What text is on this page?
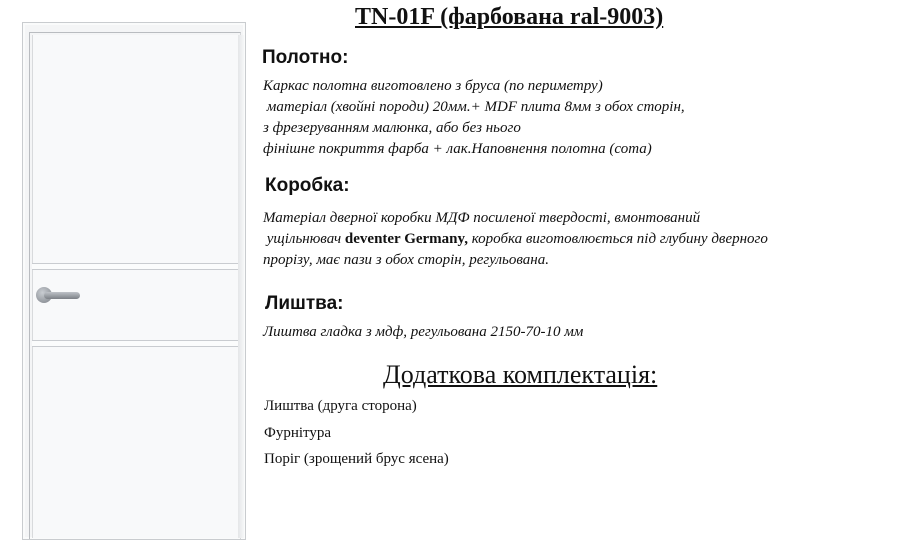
TN-01F (фарбована ral-9003)
Полотно:
Каркас полотна виготовлено з бруса (по периметру)
матеріал (хвойні породи) 20мм.+ MDF плита 8мм з обох сторін,
з фрезеруванням малюнка, або без нього
фінішне покриття фарба + лак.Наповнення полотна (сота)
Коробка:
Матеріал дверної коробки МДФ посиленої твердості, вмонтований
ущільнювач deventer Germany, коробка виготовлюється під глубину дверного
прорізу, має пази з обох сторін, регульована.
Лиштва:
Лиштва гладка з мдф, регульована 2150-70-10 мм
Додаткова комплектація:
Лиштва (друга сторона)
Фурнітура
Поріг (зрощений брус ясена)
